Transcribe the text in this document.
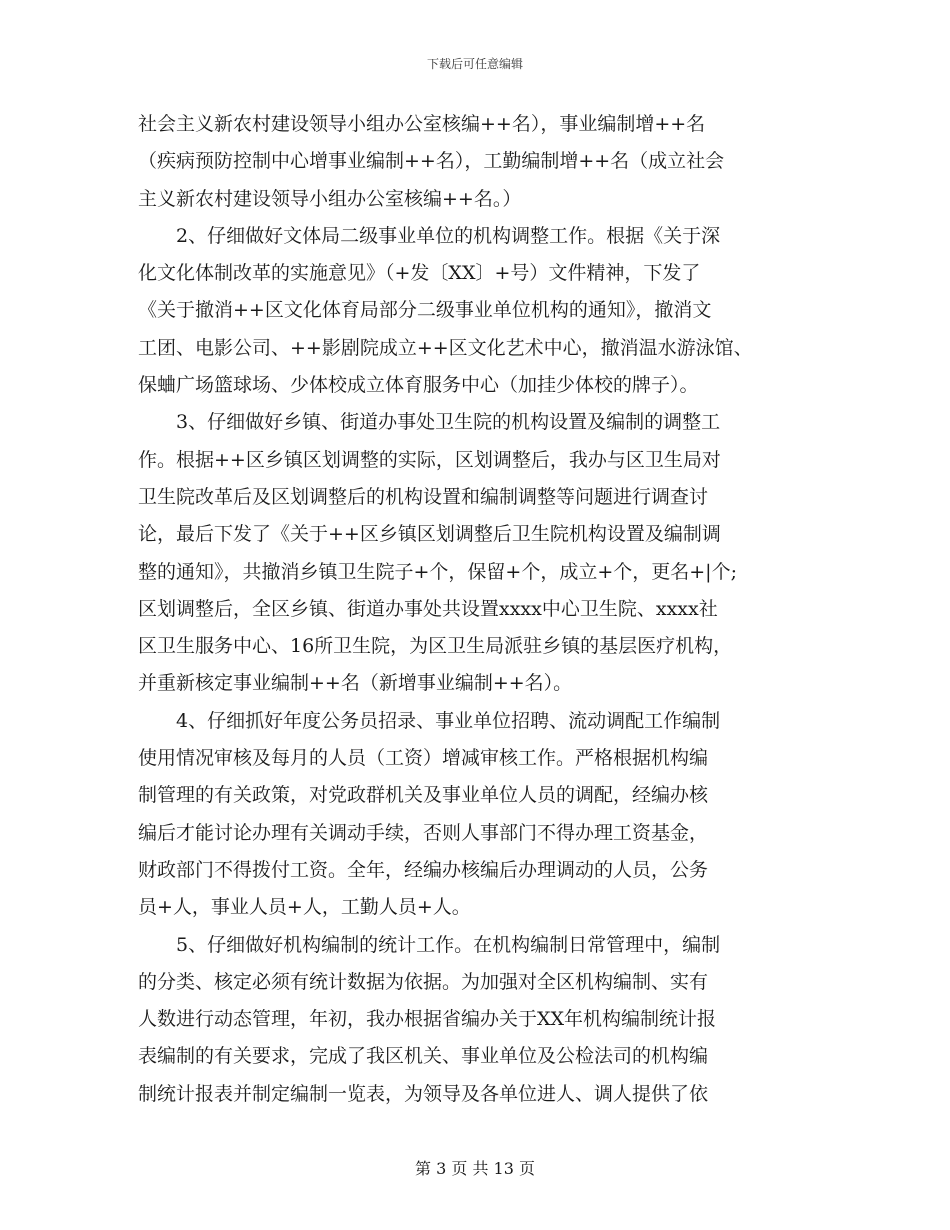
下载后可任意编辑
社会主义新农村建设领导小组办公室核编++名），事业编制增++名
（疾病预防控制中心增事业编制++名），工勤编制增++名（成立社会
主义新农村建设领导小组办公室核编++名。）
2、仔细做好文体局二级事业单位的机构调整工作。根据《关于深
化文化体制改革的实施意见》（+发〔XX〕+号）文件精神，下发了
《关于撤消++区文化体育局部分二级事业单位机构的通知》，撤消文
工团、电影公司、++影剧院成立++区文化艺术中心，撤消温水游泳馆、
保蛐广场篮球场、少体校成立体育服务中心（加挂少体校的牌子）。
3、仔细做好乡镇、街道办事处卫生院的机构设置及编制的调整工
作。根据++区乡镇区划调整的实际，区划调整后，我办与区卫生局对
卫生院改革后及区划调整后的机构设置和编制调整等问题进行调查讨
论，最后下发了《关于++区乡镇区划调整后卫生院机构设置及编制调
整的通知》，共撤消乡镇卫生院子+个，保留+个，成立+个，更名+|个;
区划调整后，全区乡镇、街道办事处共设置xxxx中心卫生院、xxxx社
区卫生服务中心、16所卫生院，为区卫生局派驻乡镇的基层医疗机构，
并重新核定事业编制++名（新增事业编制++名）。
4、仔细抓好年度公务员招录、事业单位招聘、流动调配工作编制
使用情况审核及每月的人员（工资）增减审核工作。严格根据机构编
制管理的有关政策，对党政群机关及事业单位人员的调配，经编办核
编后才能讨论办理有关调动手续，否则人事部门不得办理工资基金，
财政部门不得拨付工资。全年，经编办核编后办理调动的人员，公务
员+人，事业人员+人，工勤人员+人。
5、仔细做好机构编制的统计工作。在机构编制日常管理中，编制
的分类、核定必须有统计数据为依据。为加强对全区机构编制、实有
人数进行动态管理，年初，我办根据省编办关于XX年机构编制统计报
表编制的有关要求，完成了我区机关、事业单位及公检法司的机构编
制统计报表并制定编制一览表，为领导及各单位进人、调人提供了依
第 3 页 共 13 页
